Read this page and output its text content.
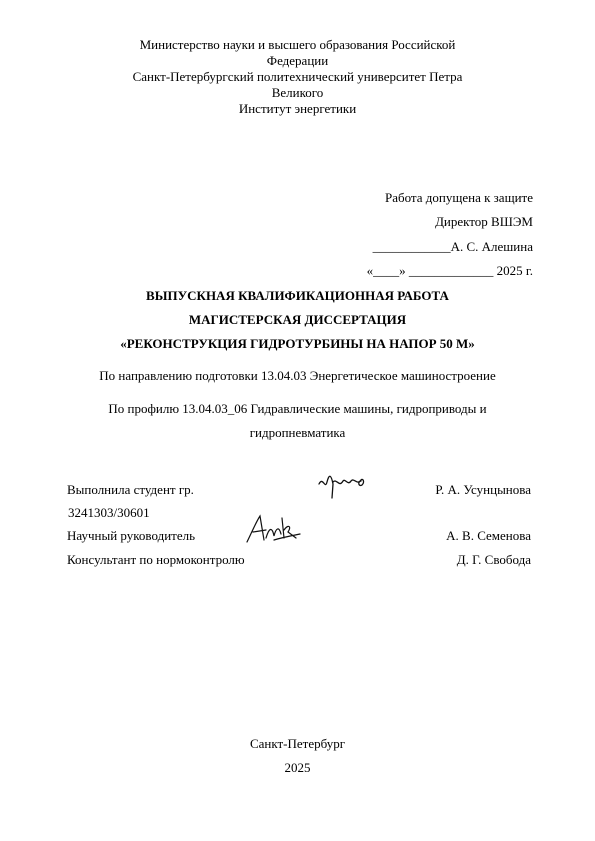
Министерство науки и высшего образования Российской
Федерации
Санкт-Петербургский политехнический университет Петра
Великого
Институт энергетики
Работа допущена к защите
Директор ВШЭМ
____________А. С. Алешина
«____» _____________ 2025 г.
ВЫПУСКНАЯ КВАЛИФИКАЦИОННАЯ РАБОТА
МАГИСТЕРСКАЯ ДИССЕРТАЦИЯ
«РЕКОНСТРУКЦИЯ ГИДРОТУРБИНЫ НА НАПОР 50 М»
По направлению подготовки 13.04.03 Энергетическое машиностроение
По профилю 13.04.03_06 Гидравлические машины, гидроприводы и
гидропневматика
Выполнила студент гр.	Р. А. Усунцынова
3241303/30601
Научный руководитель	А. В. Семенова
Консультант по нормоконтролю	Д. Г. Свобода
Санкт-Петербург
2025
